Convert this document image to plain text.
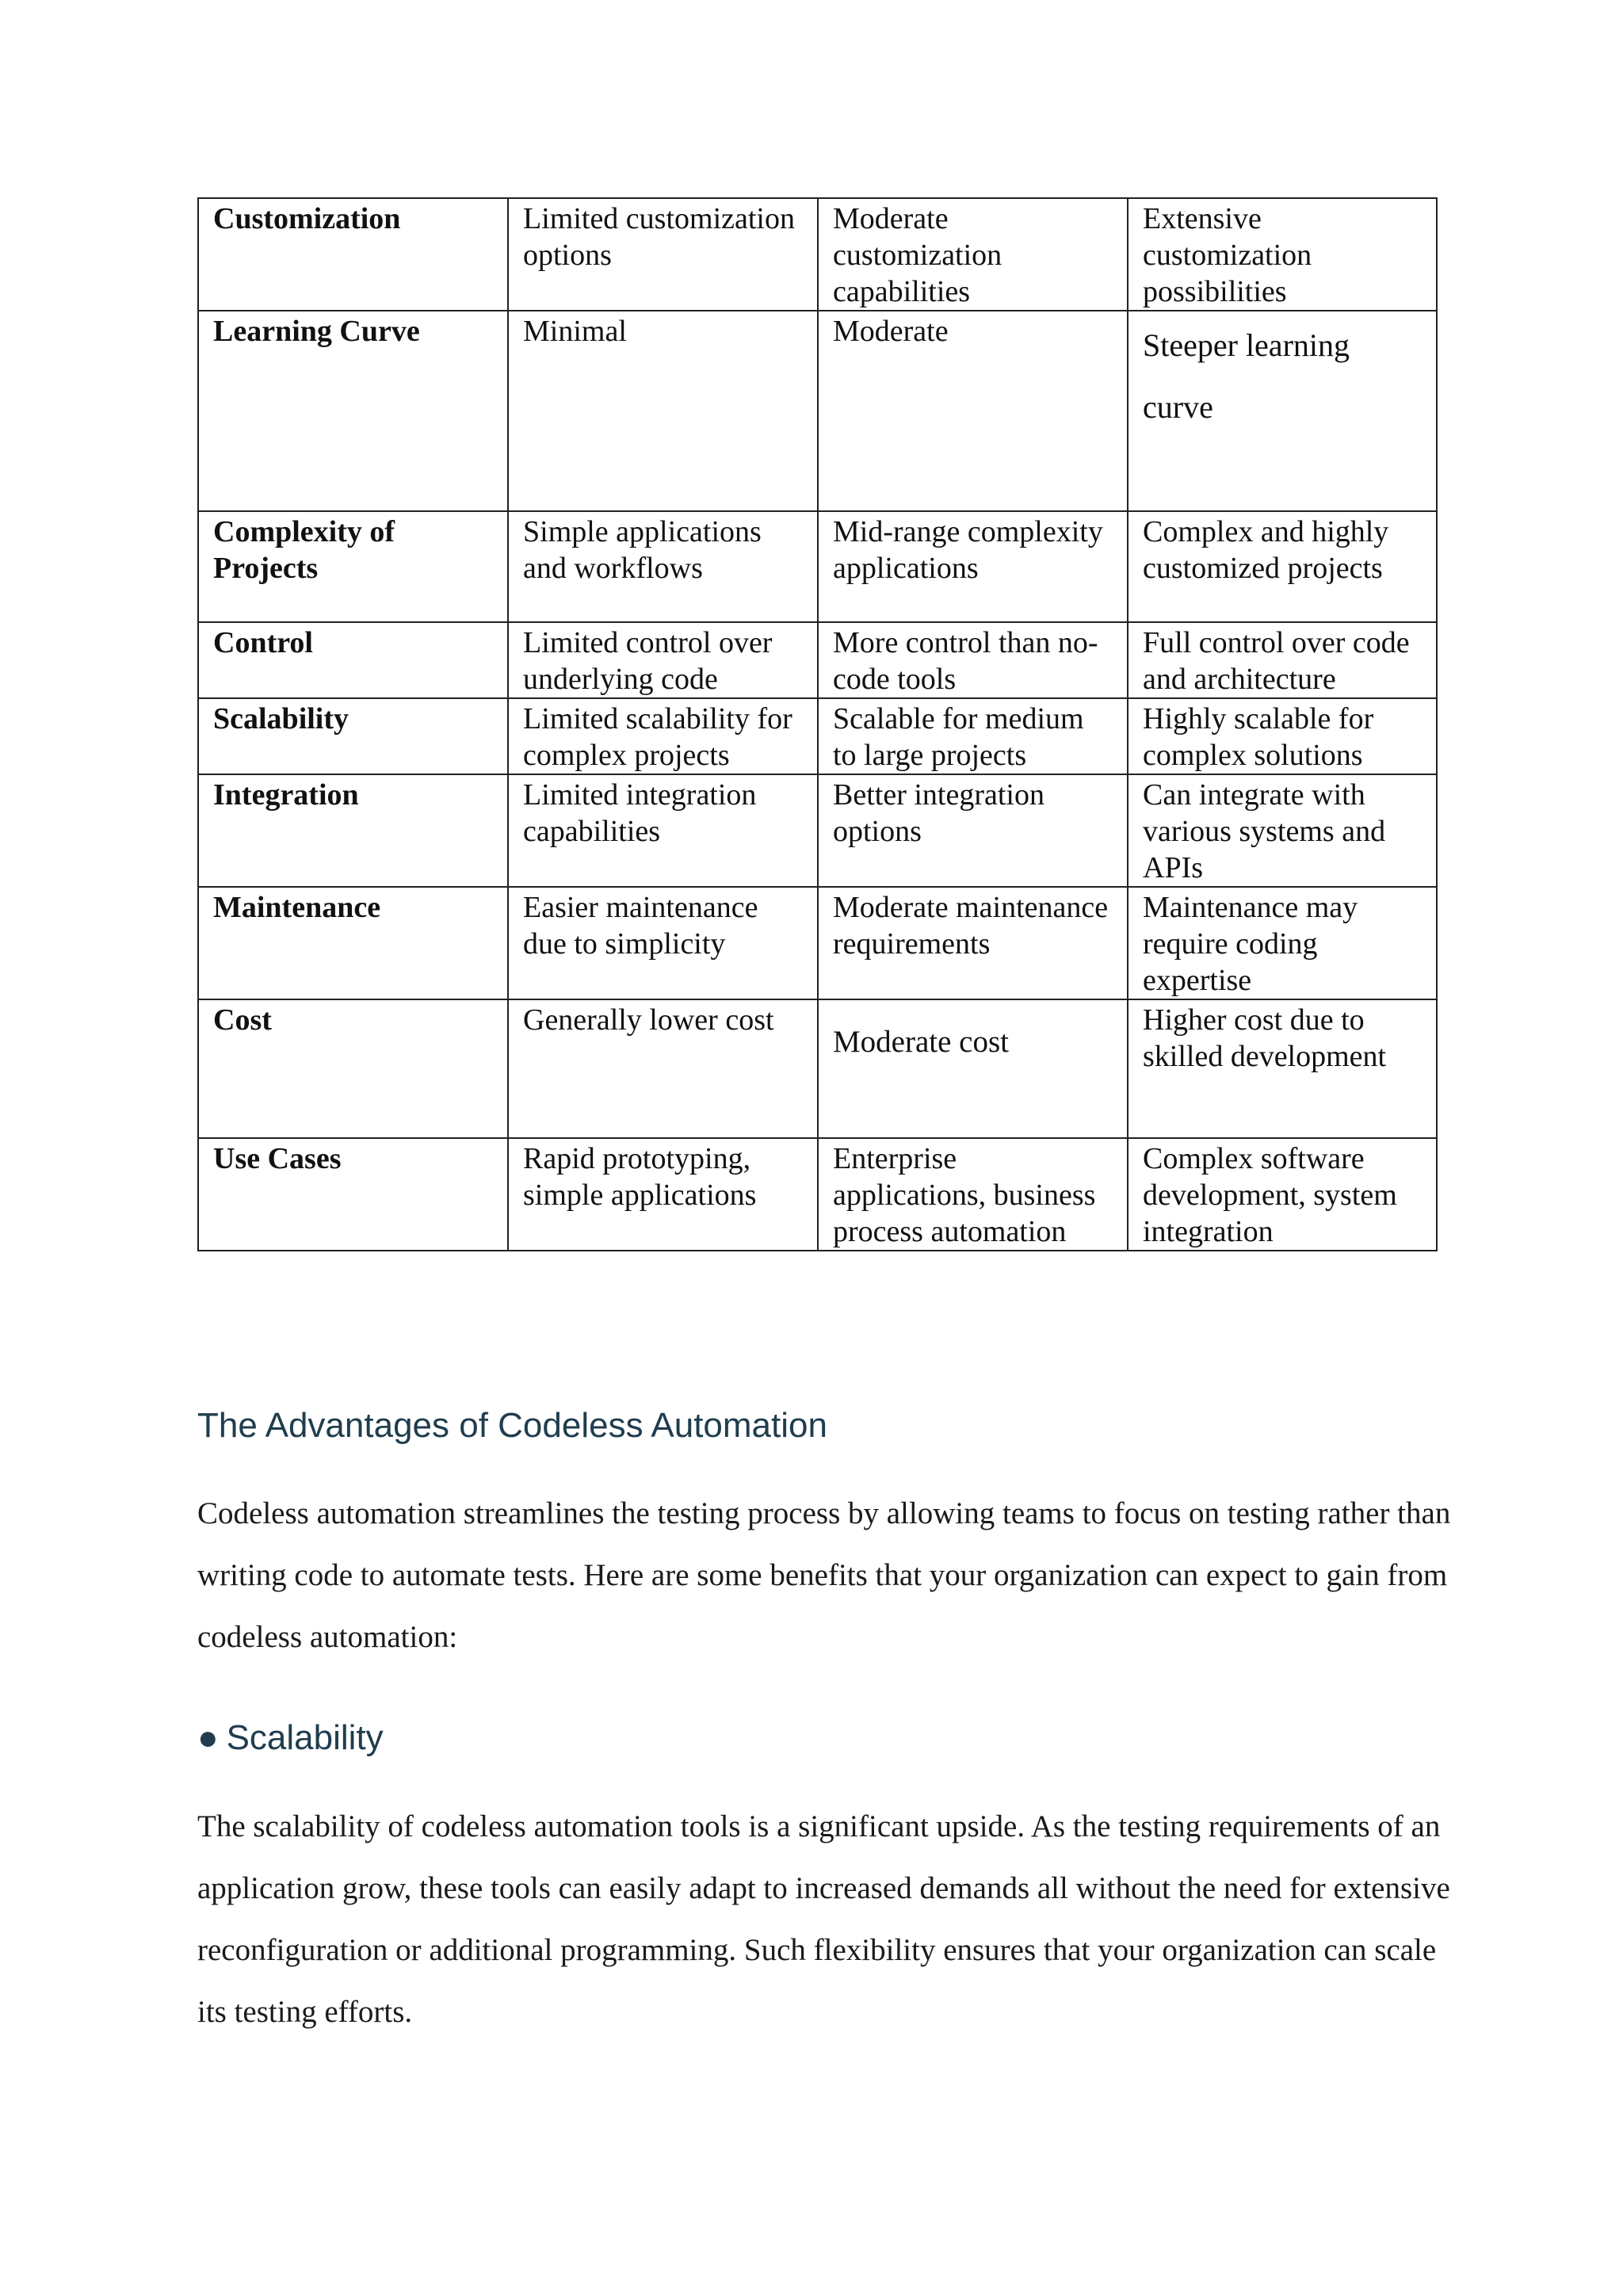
Customization	Limited customization options	Moderate customization capabilities	Extensive customization possibilities
Learning Curve	Minimal	Moderate	Steeper learning curve

Complexity of Projects	Simple applications and workflows	Mid-range complexity applications	Complex and highly customized projects
Control	Limited control over underlying code	More control than no-code tools	Full control over code and architecture
Scalability	Limited scalability for complex projects	Scalable for medium to large projects	Highly scalable for complex solutions
Integration	Limited integration capabilities	Better integration options	Can integrate with various systems and APIs
Maintenance	Easier maintenance due to simplicity	Moderate maintenance requirements	Maintenance may require coding expertise
Cost	Generally lower cost	Moderate cost	Higher cost due to skilled development
Use Cases	Rapid prototyping, simple applications	Enterprise applications, business process automation	Complex software development, system integration
The Advantages of Codeless Automation

Codeless automation streamlines the testing process by allowing teams to focus on testing rather than writing code to automate tests. Here are some benefits that your organization can expect to gain from codeless automation:

● Scalability

The scalability of codeless automation tools is a significant upside. As the testing requirements of an application grow, these tools can easily adapt to increased demands all without the need for extensive reconfiguration or additional programming. Such flexibility ensures that your organization can scale its testing efforts.
